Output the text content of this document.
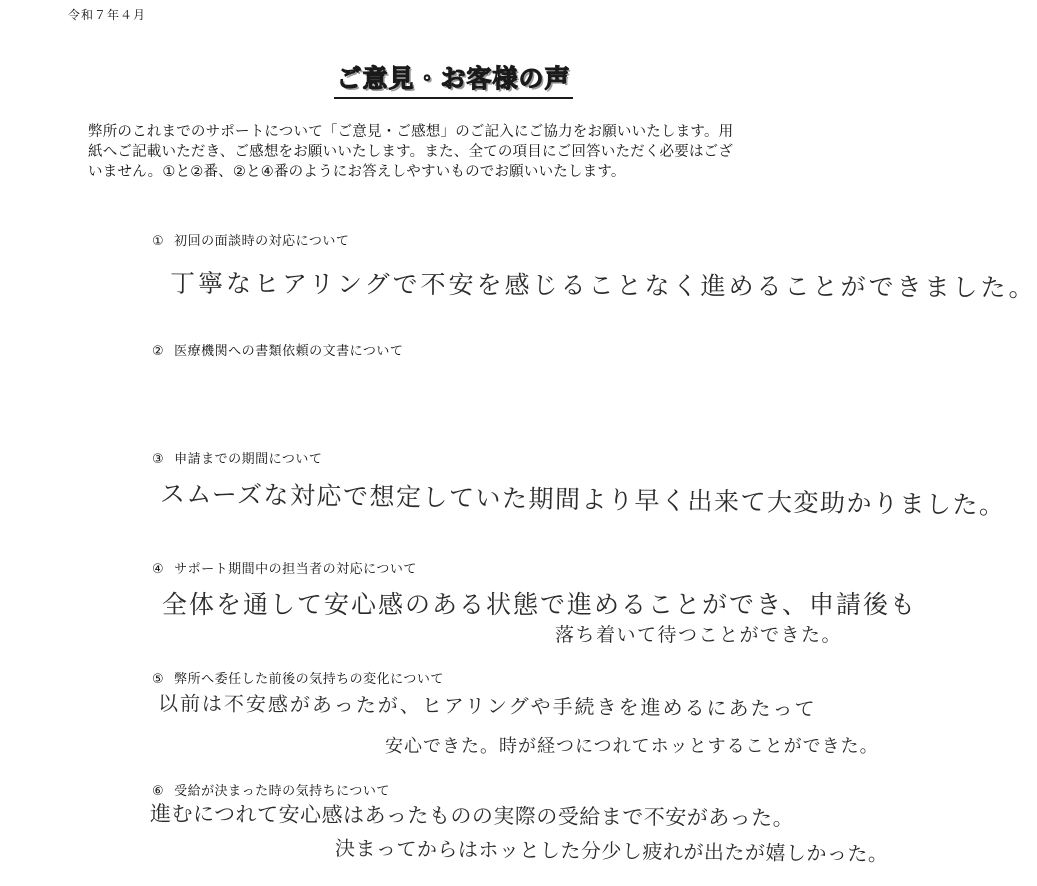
令和７年４月
ご意見・お客様の声
弊所のこれまでのサポートについて「ご意見・ご感想」のご記入にご協力をお願いいたします。用
紙へご記載いただき、ご感想をお願いいたします。また、全ての項目にご回答いただく必要はござ
いません。①と②番、②と④番のようにお答えしやすいものでお願いいたします。
① 初回の面談時の対応について
丁寧なヒアリングで不安を感じることなく進めることができました。
② 医療機関への書類依頼の文書について
③ 申請までの期間について
スムーズな対応で想定していた期間より早く出来て大変助かりました。
④ サポート期間中の担当者の対応について
全体を通して安心感のある状態で進めることができ、申請後も
落ち着いて待つことができた。
⑤ 弊所へ委任した前後の気持ちの変化について
以前は不安感があったが、ヒアリングや手続きを進めるにあたって
安心できた。時が経つにつれてホッとすることができた。
⑥ 受給が決まった時の気持ちについて
進むにつれて安心感はあったものの実際の受給まで不安があった。
決まってからはホッとした分少し疲れが出たが嬉しかった。
